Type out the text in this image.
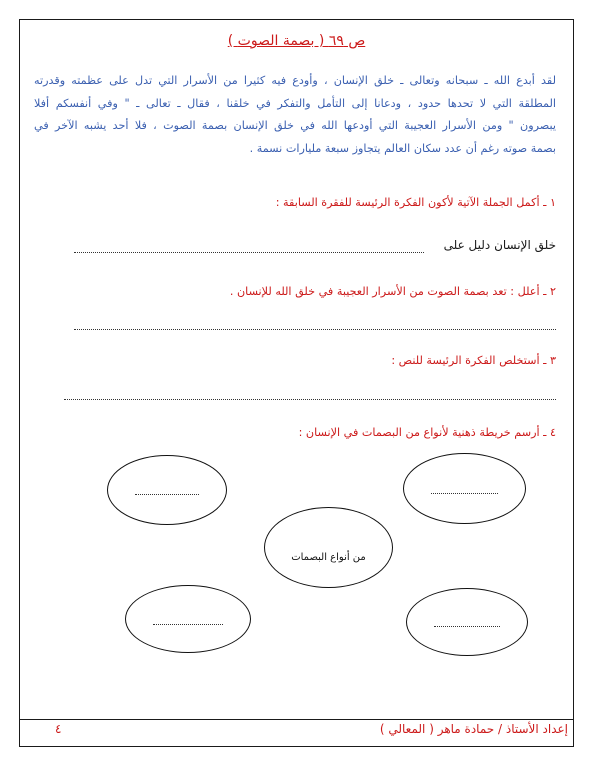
( بصمة الصوت ) ص ٦٩
لقد أبدع الله ـ سبحانه وتعالى ـ خلق الإنسان ، وأودع فيه كثيرا من الأسرار التي تدل على عظمته وقدرته
المطلقة التي لا تحدها حدود ، ودعانا إلى التأمل والتفكر في خلقنا ، فقال ـ تعالى ـ " وفي أنفسكم أفلا
يبصرون " ومن الأسرار العجيبة التي أودعها الله في خلق الإنسان بصمة الصوت ، فلا أحد يشبه الآخر في
بصمة صوته رغم أن عدد سكان العالم يتجاوز سبعة مليارات نسمة .
١ ـ أكمل الجملة الآتية لأكون الفكرة الرئيسة للفقرة السابقة :
خلق الإنسان دليل على
٢ ـ أعلل : تعد بصمة الصوت من الأسرار العجيبة في خلق الله للإنسان .
٣ ـ أستخلص الفكرة الرئيسة للنص :
٤ ـ أرسم خريطة ذهنية لأنواع من البصمات في الإنسان :
من أنواع البصمات
إعداد الأستاذ / حمادة ماهر ( المعالي )
٤
